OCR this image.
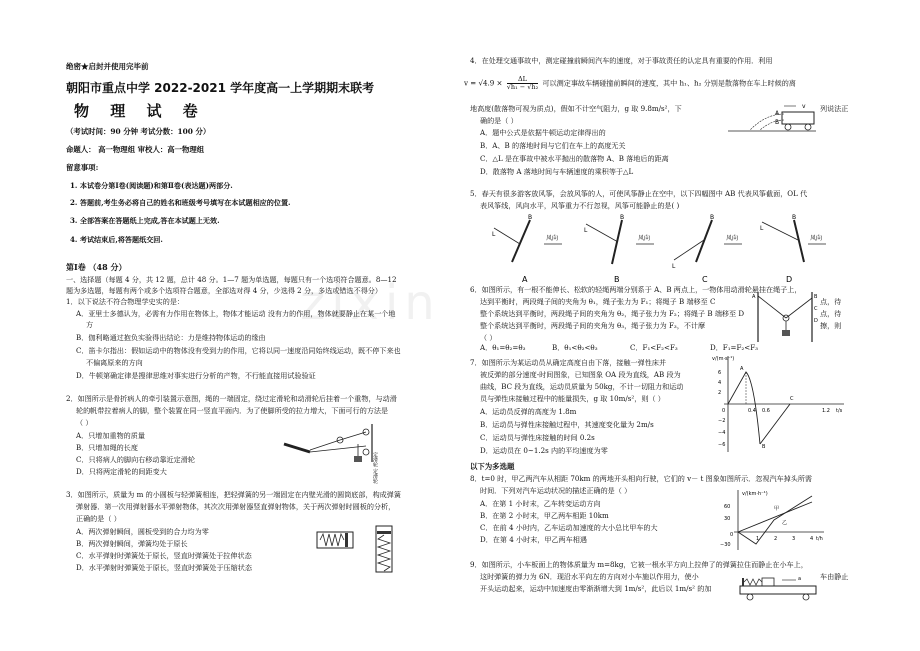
zixin
绝密★启封并使用完毕前
朝阳市重点中学 2022-2021 学年度高一上学期期末联考
物 理 试 卷
（考试时间：90 分钟 考试分数：100 分）
命题人： 高一物理组 审校人：高一物理组
留意事项:
1. 本试卷分第Ⅰ卷(阅读题)和第Ⅱ卷(表达题)两部分.
2. 答题前,考生务必将自己的姓名和班级考号填写在本试题相应的位置.
3. 全部答案在答题纸上完成,答在本试题上无效.
4. 考试结束后,将答题纸交回.
第Ⅰ卷 （48 分）
一、选择题（每题 4 分，共 12 题，总计 48 分。1—7 题为单选题，每题只有一个选项符合题意。8—12
题为多选题，每题有两个或多个选项符合题意，全部选对得 4 分，少选得 2 分，多选或错选不得分）
1．以下说法不符合物理学史实的是：
A．亚里士多德认为，必需有力作用在物体上，物体才能运动 没有力的作用，物体就要静止在某一个地
方
B．伽利略通过抱负实验得出结论：力是维持物体运动的缘由
C．笛卡尔指出：假如运动中的物体没有受到力的作用，它将以同一速度沿同始终线运动，既不停下来也
不偏离原来的方向
D．牛顿第确定律是搜律思维对事实进行分析的产物，不行能直接用试验验证
2．如图所示是骨折病人的牵引装置示意图，绳的一端固定，绕过定滑轮和动滑轮后挂着一个重物，与动滑
轮的帆带拉着病人的脚，整个装置在同一竖直平面内．为了使脚所受的拉力增大，下面可行的方法是
（ ）
A．只增加重物的质量
B．只增加绳的长度
C．只将病人的脚向右移动靠近定滑轮
D．只将两定滑轮的间距变大	定滑轮 定滑轮
3．如图所示，质量为 m 的小圆板与轻弹簧相连，把轻弹簧的另一端固定在内壁光滑的圆筒底部，构成弹簧
弹射器．第一次用弹射器水平弹射物体，其次次用弹射器竖直弹射物体，关于两次弹射时圆板的分析，
正确的是（ ）
A．两次弹射瞬间，圆板受到的合力均为零
B．两次弹射瞬间，弹簧均处于原长
C．水平弹射时弹簧处于原长，竖直时弹簧处于拉伸状态
D．水平弹射时弹簧处于原长，竖直时弹簧处于压缩状态
4．在处理交通事故中，测定碰撞前瞬间汽车的速度，对于事故责任的认定具有重要的作用．利用
$v = √4.9 \times \frac{\Delta L}{\text{√h₁ − √h₂}}$ 可以测定事故车辆碰撞前瞬间的速度，其中 h₁、h₂ 分别是散落物在车上时候的离
地高度(散落物可视为质点)，假如不计空气阻力，g 取 9.8m/s²，下	列说法正
确的是（ ）
A．题中公式是依据牛顿运动定律得出的
B．A、B 的落地时间与它们在车上的高度无关
C．△L 是在事故中被水平抛出的散落物 A、B 落地后的距离
D．散落物 A 落地时间与车辆速度的乘积等于△L
A
B
v
5．春天有很多游客放风筝，会放风筝的人，可使风筝静止在空中，以下四幅图中 AB 代表风筝截面，OL 代
表风筝线，风向水平，风筝重力不行忽视，风筝可能静止的是( )
B
L
风向
A
B
L
风向
B
B
L
风向
C
B
L
风向
D
6．如图所示，有一根不能伸长、松软的轻绳两端分别系于 A、B 两点上，一物体用动滑轮悬挂在绳子上，
达到平衡时，两段绳子间的夹角为 θ₁，绳子张力为 F₁；将绳子 B 端移至 C	点，待
整个系统达到平衡时，两段绳子间的夹角为 θ₂，绳子张力为 F₂；将绳子 B 端移至 D	点，待
整个系统达到平衡时，两段绳子间的夹角为 θ₃，绳子张力为 F₃，不计摩	擦，则
（ ）
A．θ₁=θ₂=θ₃	B．θ₁<θ₂<θ₃	C．F₁<F₂<F₃	D．F₁=F₂<F₃
A	B
C
D
7．如图所示为某运动员从确定高度自由下落，接触一弹性床并
被反弹的部分速度-时间图象，已知图象 OA 段为直线，AB 段为
曲线，BC 段为直线，运动员质量为 50kg，不计一切阻力和运动
员与弹性床接触过程中的能量损失，g 取 10m/s²，则（ ）
A．运动员反弹的高度为 1.8m
B．运动员与弹性床接触过程中，其速度变化量为 2m/s
C．运动员与弹性床接触的时间 0.2s
D．运动员在 0~1.2s 内的平均速度为零
v/(m·s⁻¹)
t/s
6
4
2
0	0.4 0.6	1.2
−2
−4
−6
A
B
C
以下为多选题
8．t=0 时，甲乙两汽车从相距 70km 的两地开头相向行驶，它们的 v－ t 图象如图所示．忽视汽车掉头所需
时间．下列对汽车运动状况的描述正确的是（ ）
A．在第 1 小时末，乙车转变运动方向
B．在第 2 小时末，甲乙两车相距 10km
C．在前 4 小时内，乙车运动加速度的大小总比甲车的大
D．在第 4 小时末，甲乙两车相遇
v/(km·h⁻¹)
t/h
60
30
0
−30
1	2	3	4
甲
乙
9．如图所示，小车板面上的物体质量为 m=8kg，它被一根水平方向上拉伸了的弹簧拉住而静止在小车上，
这时弹簧的弹力为 6N．现沿水平向左的方向对小车施以作用力，使小	车由静止
开头运动起来，运动中加速度由零渐渐增大到 1m/s²，此后以 1m/s² 的加
a
